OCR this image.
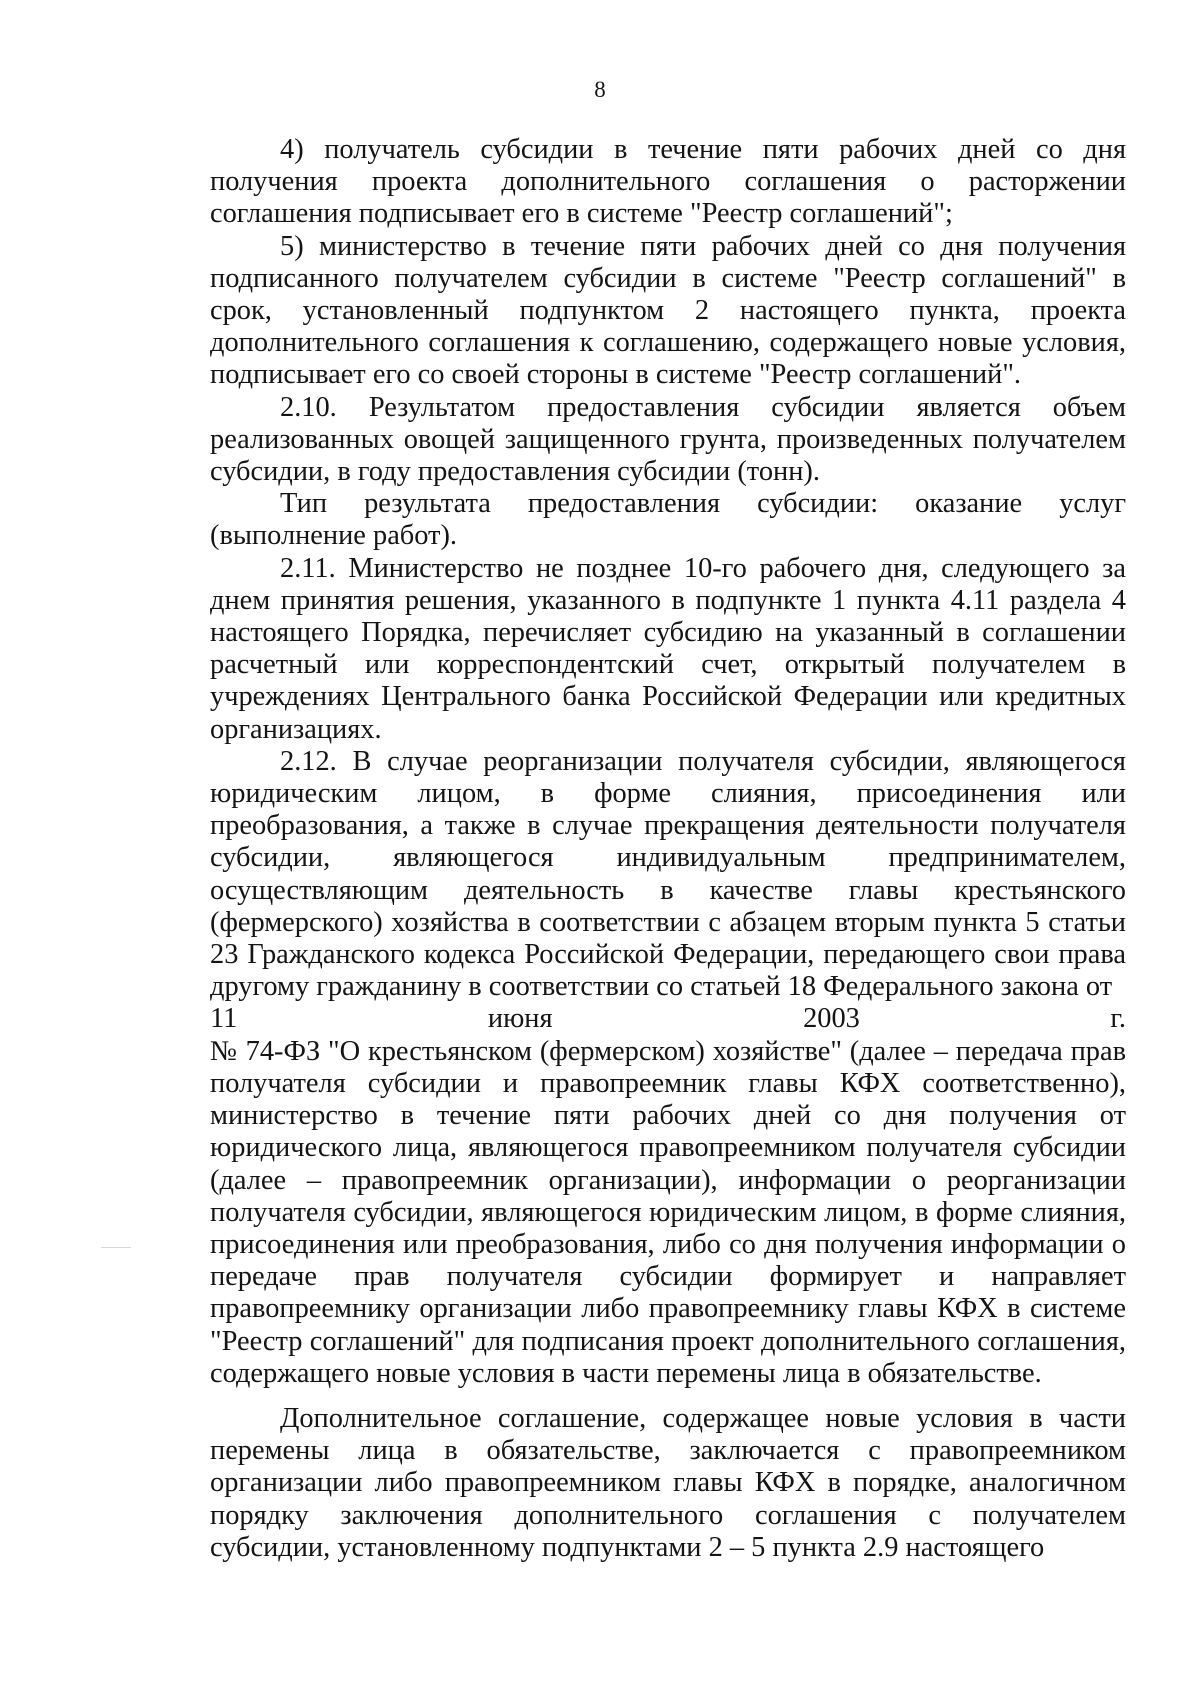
8

4) получатель субсидии в течение пяти рабочих дней со дня получения проекта дополнительного соглашения о расторжении соглашения подписывает его в системе "Реестр соглашений";

5) министерство в течение пяти рабочих дней со дня получения подписанного получателем субсидии в системе "Реестр соглашений" в срок, установленный подпунктом 2 настоящего пункта, проекта дополнительного соглашения к соглашению, содержащего новые условия, подписывает его со своей стороны в системе "Реестр соглашений".

2.10. Результатом предоставления субсидии является объем реализованных овощей защищенного грунта, произведенных получателем субсидии, в году предоставления субсидии (тонн).

Тип результата предоставления субсидии: оказание услуг (выполнение работ).

2.11. Министерство не позднее 10-го рабочего дня, следующего за днем принятия решения, указанного в подпункте 1 пункта 4.11 раздела 4 настоящего Порядка, перечисляет субсидию на указанный в соглашении расчетный или корреспондентский счет, открытый получателем в учреждениях Центрального банка Российской Федерации или кредитных организациях.

2.12. В случае реорганизации получателя субсидии, являющегося юридическим лицом, в форме слияния, присоединения или преобразования, а также в случае прекращения деятельности получателя субсидии, являющегося индивидуальным предпринимателем, осуществляющим деятельность в качестве главы крестьянского (фермерского) хозяйства в соответствии с абзацем вторым пункта 5 статьи 23 Гражданского кодекса Российской Федерации, передающего свои права другому гражданину в соответствии со статьей 18 Федерального закона от

11	июня	2003	г.

№ 74-ФЗ "О крестьянском (фермерском) хозяйстве" (далее – передача прав получателя субсидии и правопреемник главы КФХ соответственно), министерство в течение пяти рабочих дней со дня получения от юридического лица, являющегося правопреемником получателя субсидии (далее – правопреемник организации), информации о реорганизации получателя субсидии, являющегося юридическим лицом, в форме слияния, присоединения или преобразования, либо со дня получения информации о передаче прав получателя субсидии формирует и направляет правопреемнику организации либо правопреемнику главы КФХ в системе "Реестр соглашений" для подписания проект дополнительного соглашения, содержащего новые условия в части перемены лица в обязательстве.

Дополнительное соглашение, содержащее новые условия в части перемены лица в обязательстве, заключается с правопреемником организации либо правопреемником главы КФХ в порядке, аналогичном порядку заключения дополнительного соглашения с получателем субсидии, установленному подпунктами 2 – 5 пункта 2.9 настоящего
